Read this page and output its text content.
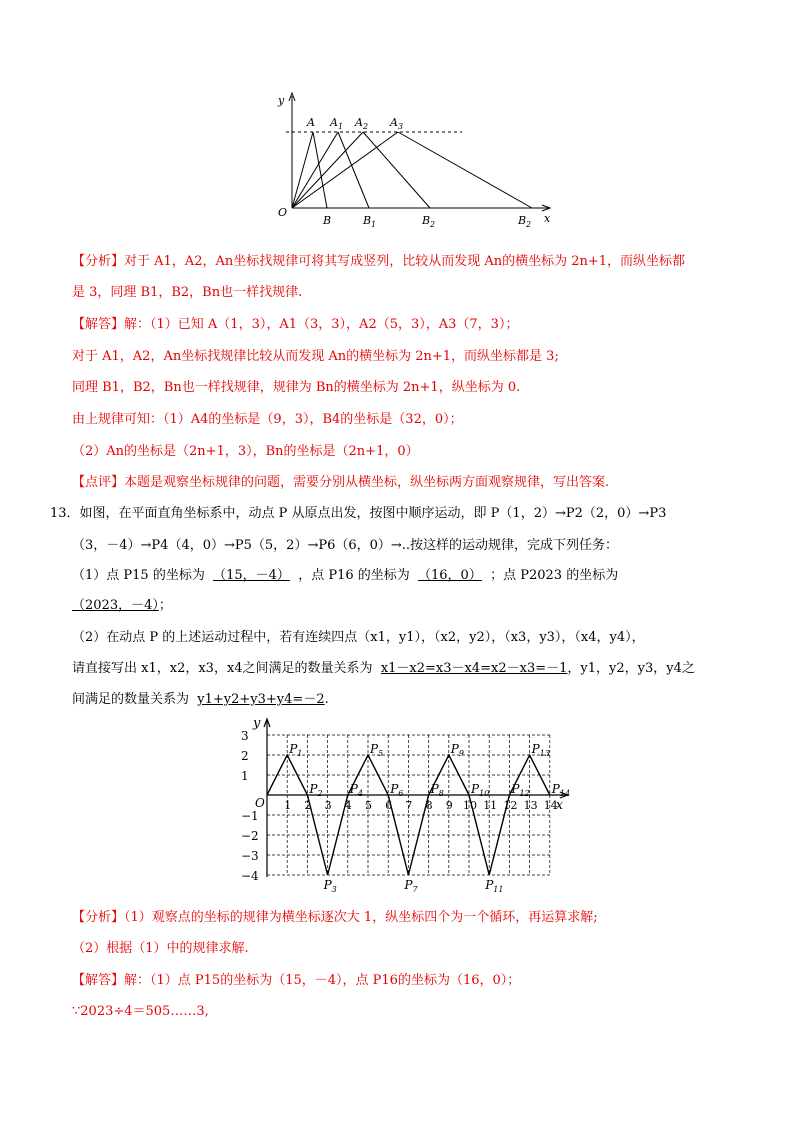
y
x
O
A A 1 A 2 A 3
B	B 1	B 2	B 2
【分析】对于 A1，A2，An坐标找规律可将其写成竖列，比较从而发现 An的横坐标为 2n+1，而纵坐标都
是 3，同理 B1，B2，Bn也一样找规律.
【解答】解：（1）已知 A（1，3），A1（3，3），A2（5，3），A3（7，3）；
对于 A1，A2，An坐标找规律比较从而发现 An的横坐标为 2n+1，而纵坐标都是 3;
同理 B1，B2，Bn也一样找规律，规律为 Bn的横坐标为 2n+1，纵坐标为 0.
由上规律可知：（1）A4的坐标是（9，3），B4的坐标是（32，0）；
（2）An的坐标是（2n+1，3），Bn的坐标是（2n+1，0）
【点评】本题是观察坐标规律的问题，需要分别从横坐标，纵坐标两方面观察规律，写出答案.
13．如图，在平面直角坐标系中，动点 P 从原点出发，按图中顺序运动，即 P（1，2）→P2（2，0）→P3
（3，－4）→P4（4，0）→P5（5，2）→P6（6，0）→..按这样的运动规律，完成下列任务：
（1）点 P15 的坐标为 （15，－4） ，点 P16 的坐标为 （16，0） ；点 P2023 的坐标为
（2023，－4）；
（2）在动点 P 的上述运动过程中，若有连续四点（x1，y1），（x2，y2），（x3，y3），（x4，y4），
请直接写出 x1，x2，x3，x4之间满足的数量关系为 x1－x2=x3－x4=x2－x3=－1，y1，y2，y3，y4之
间满足的数量关系为 y1+y2+y3+y4=－2.
y
x
O
3
2
1
−1
−2
−3
−4
1 2 3 4 5 6 7 8 9 10 11 12 13 14
$P_1$
$P_2$
$P_3$
$P_4$
$P_5$
$P_6$
$P_7$
$P_8$
$P_9$
$P_{10}$
$P_{11}$
$P_{12}$
$P_{13}$
$P_{14}$
【分析】（1）观察点的坐标的规律为横坐标逐次大 1，纵坐标四个为一个循环，再运算求解;
（2）根据（1）中的规律求解.
【解答】解：（1）点 P15的坐标为（15，－4），点 P16的坐标为（16，0）；
∵2023÷4＝505……3,
